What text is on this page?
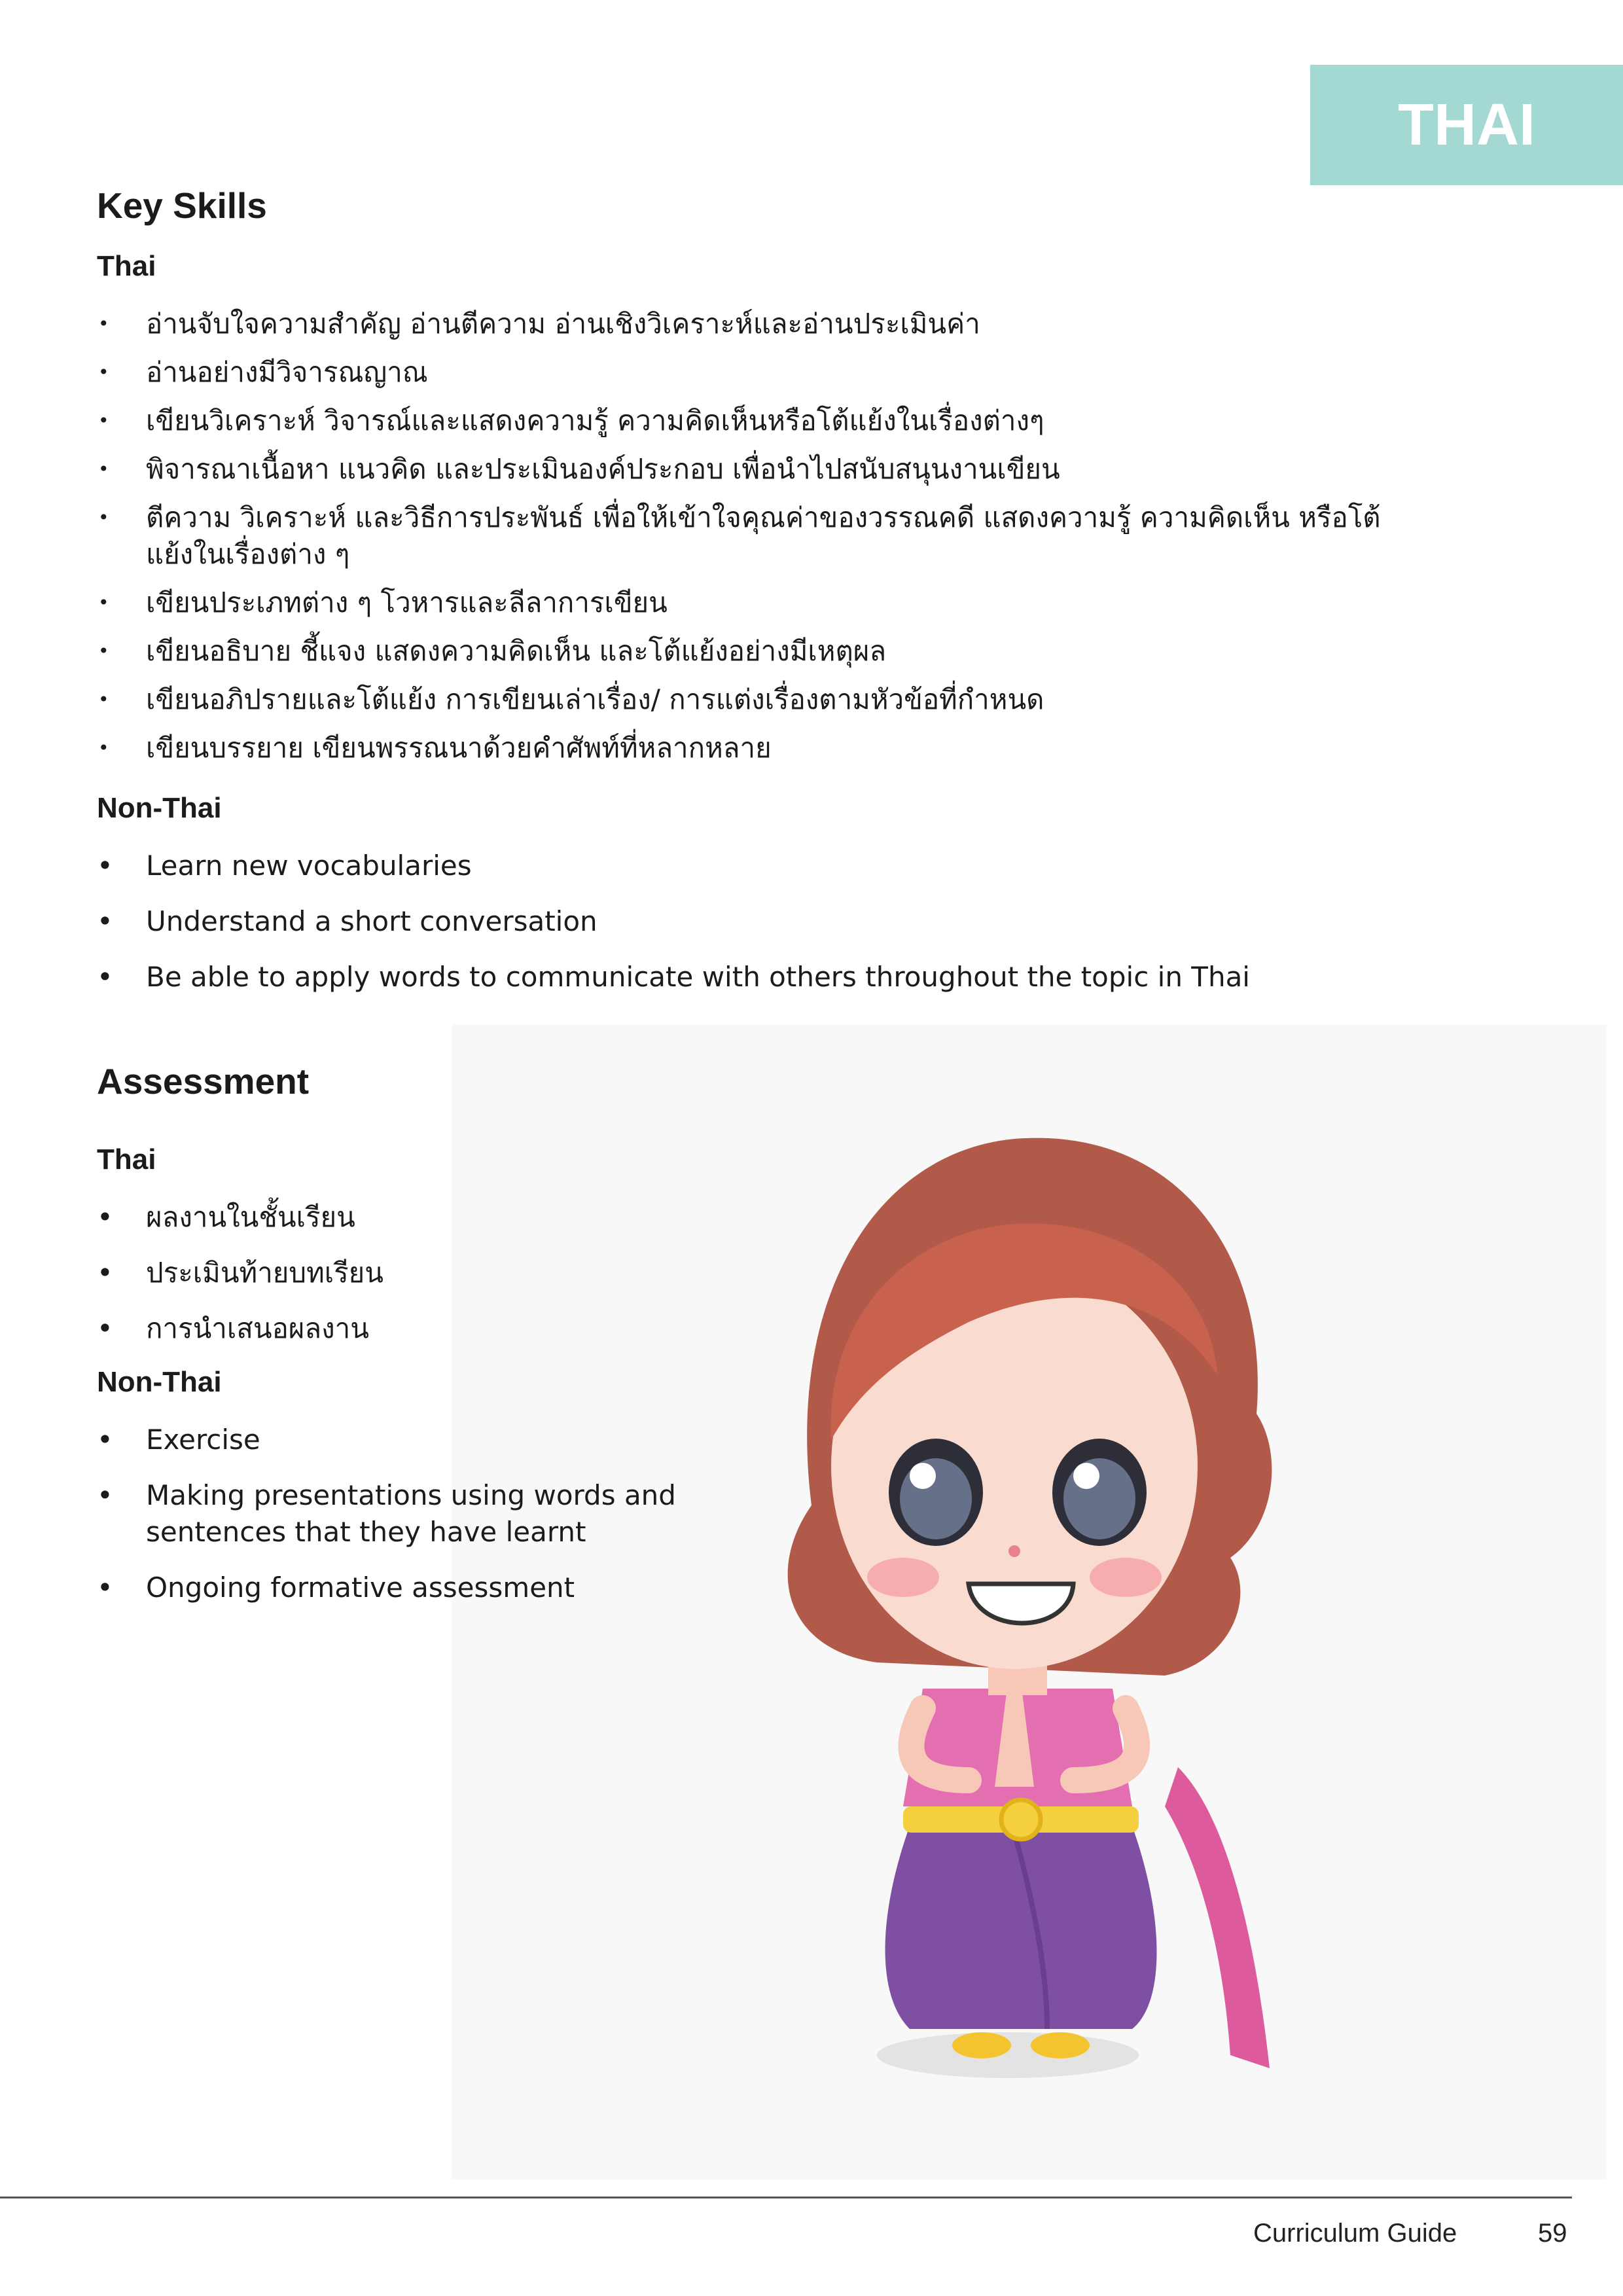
THAI
Key Skills
Thai
• อ่านจับใจความสำคัญ อ่านตีความ อ่านเชิงวิเคราะห์และอ่านประเมินค่า
• อ่านอย่างมีวิจารณญาณ
• เขียนวิเคราะห์ วิจารณ์และแสดงความรู้ ความคิดเห็นหรือโต้แย้งในเรื่องต่างๆ
• พิจารณาเนื้อหา แนวคิด และประเมินองค์ประกอบ เพื่อนำไปสนับสนุนงานเขียน
• ตีความ วิเคราะห์ และวิธีการประพันธ์ เพื่อให้เข้าใจคุณค่าของวรรณคดี แสดงความรู้ ความคิดเห็น หรือโต้แย้งในเรื่องต่าง ๆ
• เขียนประเภทต่าง ๆ โวหารและลีลาการเขียน
• เขียนอธิบาย ชี้แจง แสดงความคิดเห็น และโต้แย้งอย่างมีเหตุผล
• เขียนอภิปรายและโต้แย้ง การเขียนเล่าเรื่อง/ การแต่งเรื่องตามหัวข้อที่กำหนด
• เขียนบรรยาย เขียนพรรณนาด้วยคำศัพท์ที่หลากหลาย
Non-Thai
• Learn new vocabularies
• Understand a short conversation
• Be able to apply words to communicate with others throughout the topic in Thai
Assessment
Thai
• ผลงานในชั้นเรียน
• ประเมินท้ายบทเรียน
• การนำเสนอผลงาน
Non-Thai
• Exercise
• Making presentations using words and sentences that they have learnt
• Ongoing formative assessment
Curriculum Guide	59
